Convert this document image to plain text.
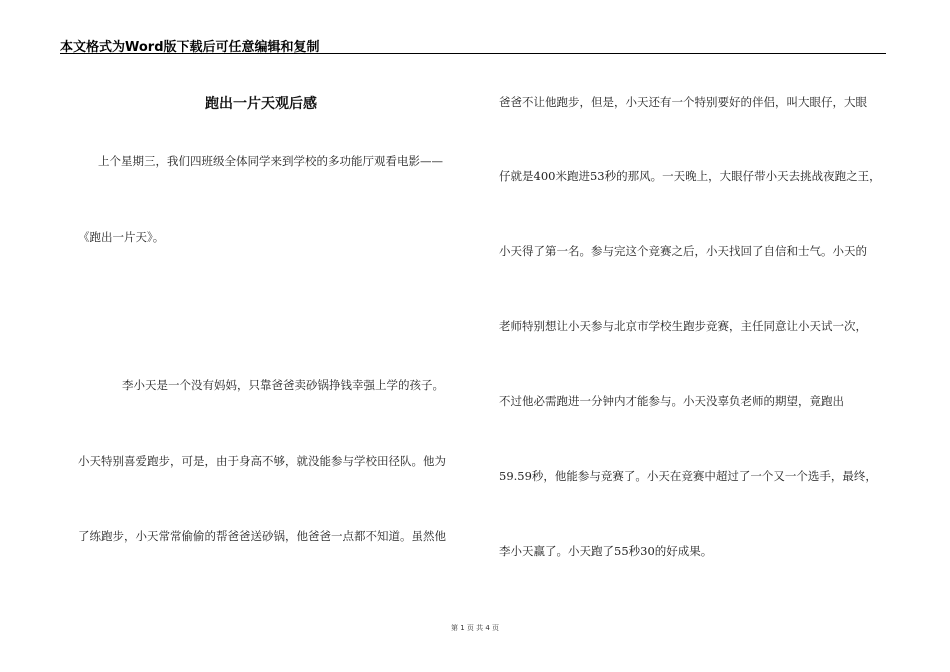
本文格式为Word版下载后可任意编辑和复制
跑出一片天观后感
上个星期三，我们四班级全体同学来到学校的多功能厅观看电影——
《跑出一片天》。
李小天是一个没有妈妈，只靠爸爸卖砂锅挣钱幸强上学的孩子。
小天特别喜爱跑步，可是，由于身高不够，就没能参与学校田径队。他为
了练跑步，小天常常偷偷的帮爸爸送砂锅，他爸爸一点都不知道。虽然他
爸爸不让他跑步，但是，小天还有一个特别要好的伴侣，叫大眼仔，大眼
仔就是400米跑进53秒的那风。一天晚上，大眼仔带小天去挑战夜跑之王，
小天得了第一名。参与完这个竞赛之后，小天找回了自信和士气。小天的
老师特别想让小天参与北京市学校生跑步竞赛，主任同意让小天试一次，
不过他必需跑进一分钟内才能参与。小天没辜负老师的期望，竟跑出
59.59秒，他能参与竞赛了。小天在竞赛中超过了一个又一个选手，最终，
李小天赢了。小天跑了55秒30的好成果。
第 1 页 共 4 页
